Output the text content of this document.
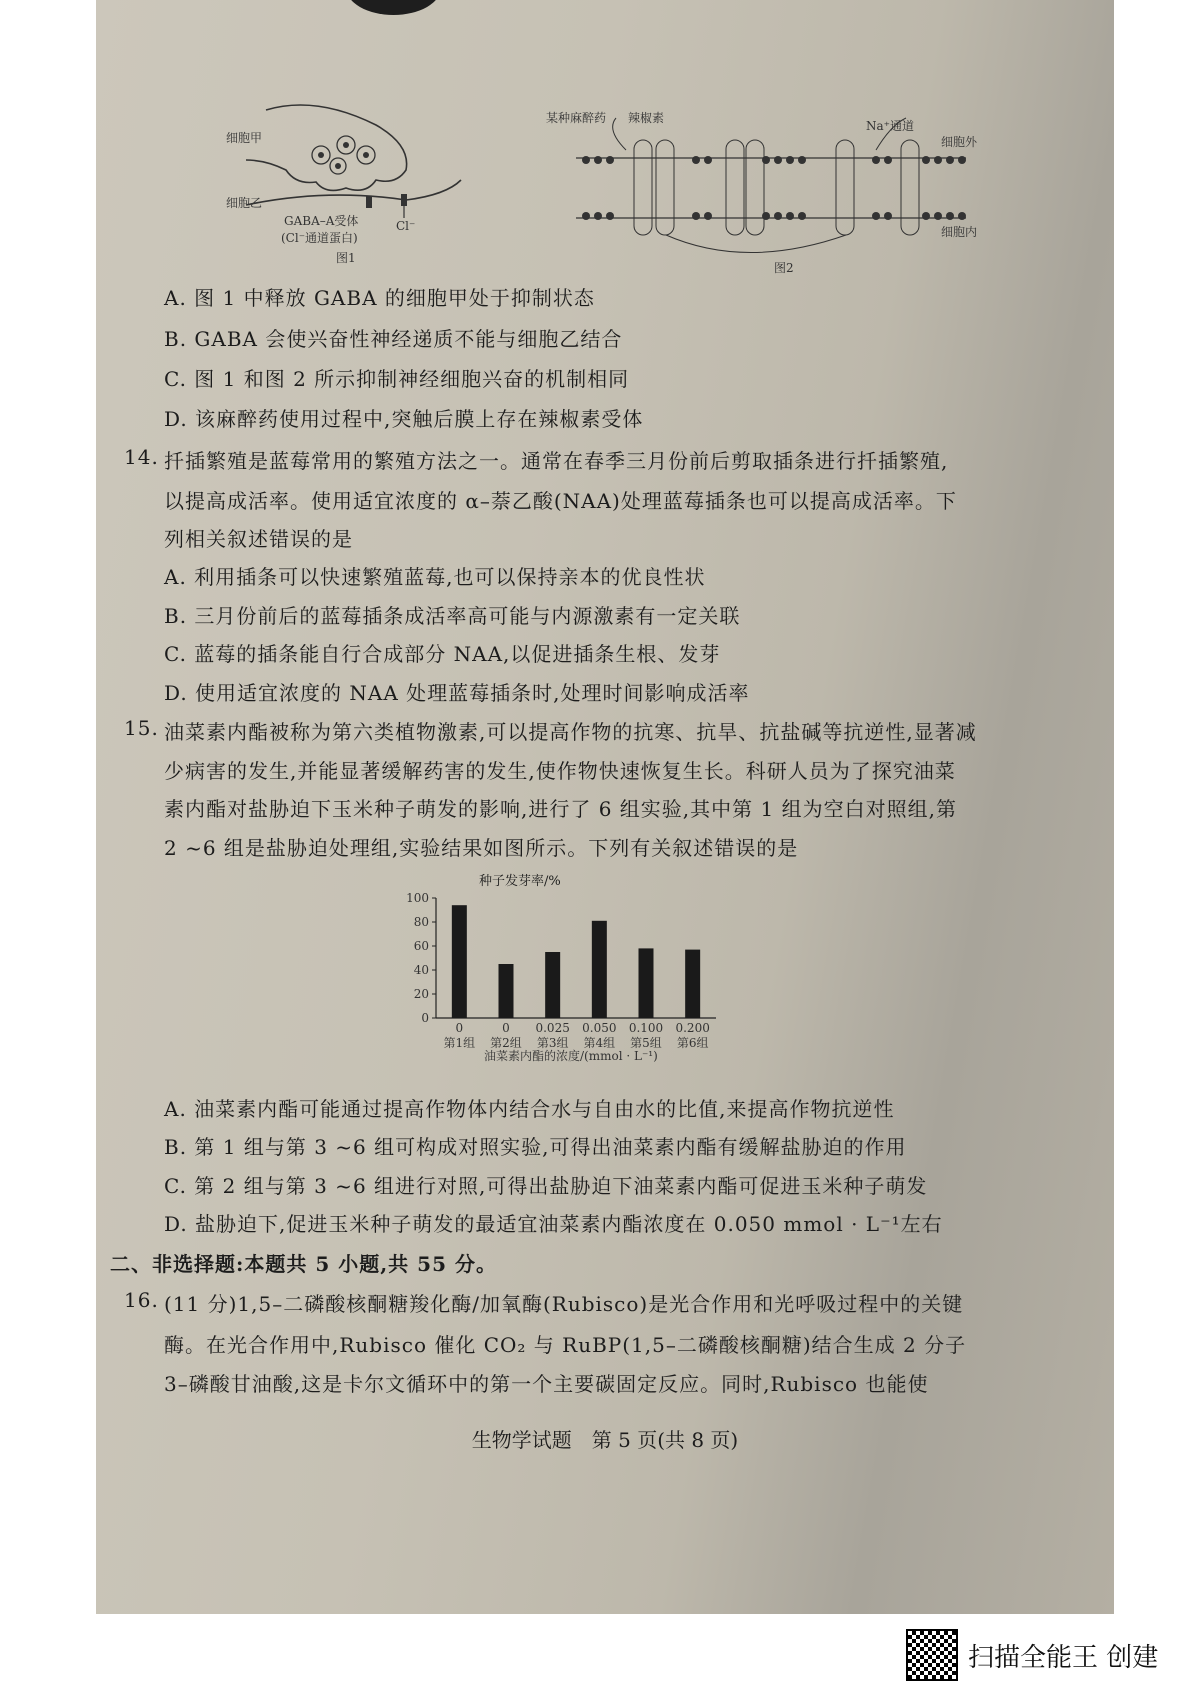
细胞甲
细胞乙
GABA–A受体
(Cl⁻通道蛋白)
Cl⁻
图1
某种麻醉药 辣椒素
Na⁺通道
细胞外
细胞内
图2
A. 图 1 中释放 GABA 的细胞甲处于抑制状态
B. GABA 会使兴奋性神经递质不能与细胞乙结合
C. 图 1 和图 2 所示抑制神经细胞兴奋的机制相同
D. 该麻醉药使用过程中,突触后膜上存在辣椒素受体
14. 扦插繁殖是蓝莓常用的繁殖方法之一。通常在春季三月份前后剪取插条进行扦插繁殖,
以提高成活率。使用适宜浓度的 α–萘乙酸(NAA)处理蓝莓插条也可以提高成活率。下
列相关叙述错误的是
A. 利用插条可以快速繁殖蓝莓,也可以保持亲本的优良性状
B. 三月份前后的蓝莓插条成活率高可能与内源激素有一定关联
C. 蓝莓的插条能自行合成部分 NAA,以促进插条生根、发芽
D. 使用适宜浓度的 NAA 处理蓝莓插条时,处理时间影响成活率
15. 油菜素内酯被称为第六类植物激素,可以提高作物的抗寒、抗旱、抗盐碱等抗逆性,显著减
少病害的发生,并能显著缓解药害的发生,使作物快速恢复生长。科研人员为了探究油菜
素内酯对盐胁迫下玉米种子萌发的影响,进行了 6 组实验,其中第 1 组为空白对照组,第
2 ~6 组是盐胁迫处理组,实验结果如图所示。下列有关叙述错误的是
种子发芽率/%
0
20
40
60
80
100
0
第1组
0
第2组
0.025
第3组
0.050
第4组
0.100
第5组
0.200
第6组
油菜素内酯的浓度/(mmol · L⁻¹)
A. 油菜素内酯可能通过提高作物体内结合水与自由水的比值,来提高作物抗逆性
B. 第 1 组与第 3 ~6 组可构成对照实验,可得出油菜素内酯有缓解盐胁迫的作用
C. 第 2 组与第 3 ~6 组进行对照,可得出盐胁迫下油菜素内酯可促进玉米种子萌发
D. 盐胁迫下,促进玉米种子萌发的最适宜油菜素内酯浓度在 0.050 mmol · L⁻¹左右
二、非选择题:本题共 5 小题,共 55 分。
16. (11 分)1,5–二磷酸核酮糖羧化酶/加氧酶(Rubisco)是光合作用和光呼吸过程中的关键
酶。在光合作用中,Rubisco 催化 CO₂ 与 RuBP(1,5–二磷酸核酮糖)结合生成 2 分子
3–磷酸甘油酸,这是卡尔文循环中的第一个主要碳固定反应。同时,Rubisco 也能使
生物学试题　第 5 页(共 8 页)
扫描全能王 创建
